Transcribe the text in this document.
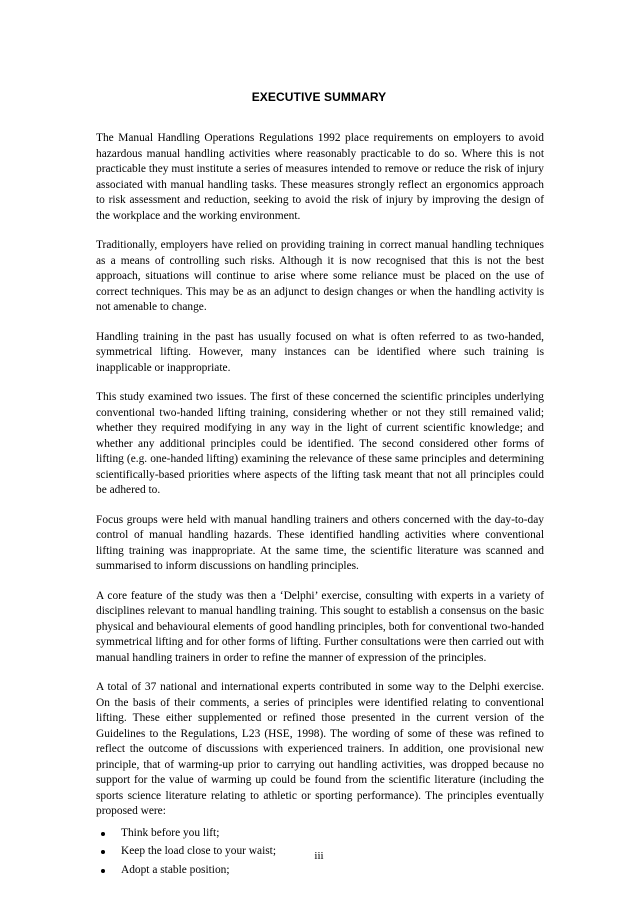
EXECUTIVE SUMMARY

The Manual Handling Operations Regulations 1992 place requirements on employers to avoid hazardous manual handling activities where reasonably practicable to do so. Where this is not practicable they must institute a series of measures intended to remove or reduce the risk of injury associated with manual handling tasks. These measures strongly reflect an ergonomics approach to risk assessment and reduction, seeking to avoid the risk of injury by improving the design of the workplace and the working environment.

Traditionally, employers have relied on providing training in correct manual handling techniques as a means of controlling such risks. Although it is now recognised that this is not the best approach, situations will continue to arise where some reliance must be placed on the use of correct techniques. This may be as an adjunct to design changes or when the handling activity is not amenable to change.

Handling training in the past has usually focused on what is often referred to as two-handed, symmetrical lifting. However, many instances can be identified where such training is inapplicable or inappropriate.

This study examined two issues. The first of these concerned the scientific principles underlying conventional two-handed lifting training, considering whether or not they still remained valid; whether they required modifying in any way in the light of current scientific knowledge; and whether any additional principles could be identified. The second considered other forms of lifting (e.g. one-handed lifting) examining the relevance of these same principles and determining scientifically-based priorities where aspects of the lifting task meant that not all principles could be adhered to.

Focus groups were held with manual handling trainers and others concerned with the day-to-day control of manual handling hazards. These identified handling activities where conventional lifting training was inappropriate. At the same time, the scientific literature was scanned and summarised to inform discussions on handling principles.

A core feature of the study was then a ‘Delphi’ exercise, consulting with experts in a variety of disciplines relevant to manual handling training. This sought to establish a consensus on the basic physical and behavioural elements of good handling principles, both for conventional two-handed symmetrical lifting and for other forms of lifting. Further consultations were then carried out with manual handling trainers in order to refine the manner of expression of the principles.

A total of 37 national and international experts contributed in some way to the Delphi exercise. On the basis of their comments, a series of principles were identified relating to conventional lifting. These either supplemented or refined those presented in the current version of the Guidelines to the Regulations, L23 (HSE, 1998). The wording of some of these was refined to reflect the outcome of discussions with experienced trainers. In addition, one provisional new principle, that of warming-up prior to carrying out handling activities, was dropped because no support for the value of warming up could be found from the scientific literature (including the sports science literature relating to athletic or sporting performance). The principles eventually proposed were:

Think before you lift;
Keep the load close to your waist;
Adopt a stable position;
iii
